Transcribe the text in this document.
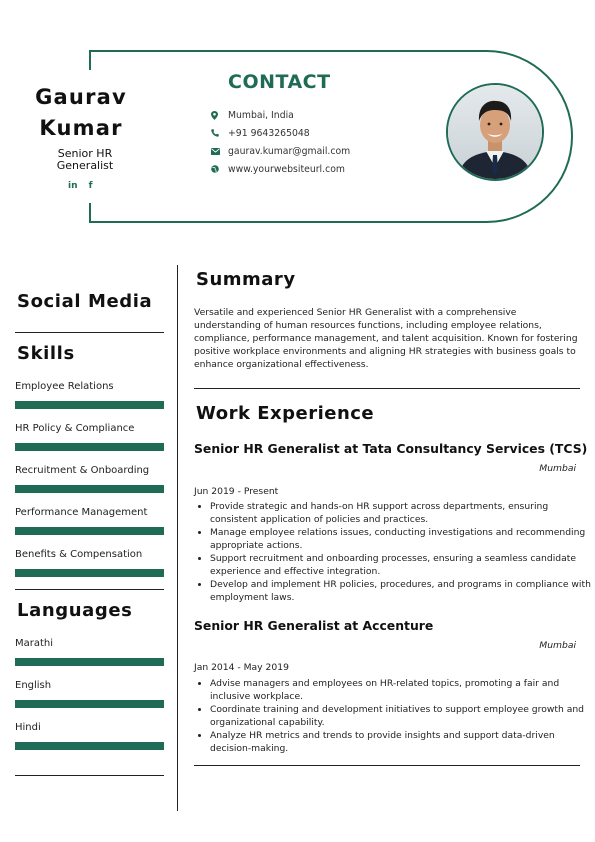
Gaurav
Kumar
Senior HR Generalist
in f
CONTACT
Mumbai, India
+91 9643265048
gaurav.kumar@gmail.com
www.yourwebsiteurl.com
Social Media
Skills
Employee Relations
HR Policy & Compliance
Recruitment & Onboarding
Performance Management
Benefits & Compensation
Languages
Marathi
English
Hindi
Summary
Versatile and experienced Senior HR Generalist with a comprehensive understanding of human resources functions, including employee relations, compliance, performance management, and talent acquisition. Known for fostering positive workplace environments and aligning HR strategies with business goals to enhance organizational effectiveness.
Work Experience
Senior HR Generalist at Tata Consultancy Services (TCS)
Mumbai
Jun 2019 - Present
• Provide strategic and hands-on HR support across departments, ensuring consistent application of policies and practices.
• Manage employee relations issues, conducting investigations and recommending appropriate actions.
• Support recruitment and onboarding processes, ensuring a seamless candidate experience and effective integration.
• Develop and implement HR policies, procedures, and programs in compliance with employment laws.
Senior HR Generalist at Accenture
Mumbai
Jan 2014 - May 2019
• Advise managers and employees on HR-related topics, promoting a fair and inclusive workplace.
• Coordinate training and development initiatives to support employee growth and organizational capability.
• Analyze HR metrics and trends to provide insights and support data-driven decision-making.
